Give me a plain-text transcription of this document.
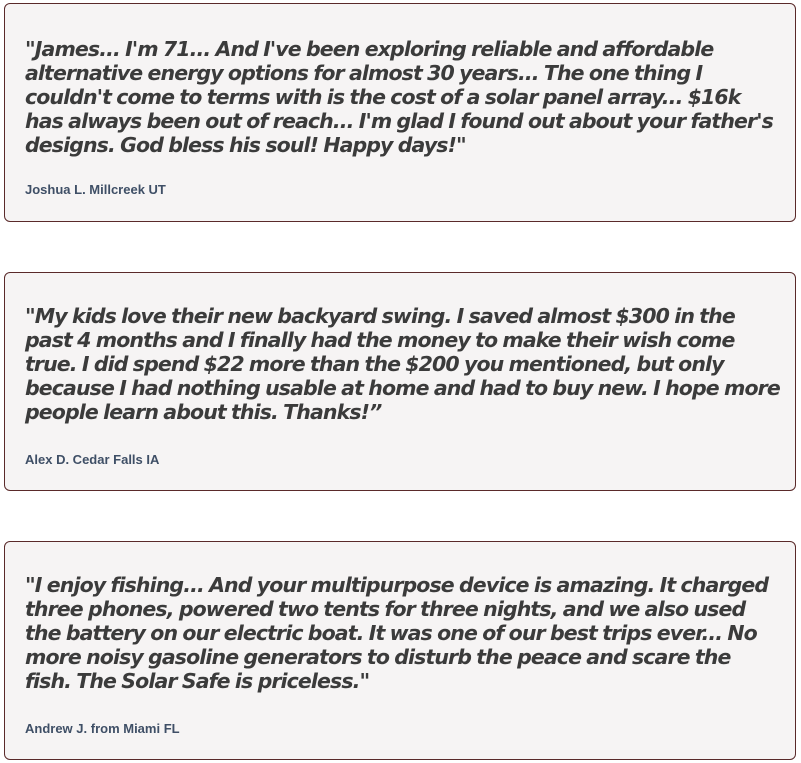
"James... I'm 71... And I've been exploring reliable and affordable alternative energy options for almost 30 years... The one thing I couldn't come to terms with is the cost of a solar panel array... $16k has always been out of reach... I'm glad I found out about your father's designs. God bless his soul! Happy days!"

Joshua L. Millcreek UT

"My kids love their new backyard swing. I saved almost $300 in the past 4 months and I finally had the money to make their wish come true. I did spend $22 more than the $200 you mentioned, but only because I had nothing usable at home and had to buy new. I hope more people learn about this. Thanks!”

Alex D. Cedar Falls IA

"I enjoy fishing... And your multipurpose device is amazing. It charged three phones, powered two tents for three nights, and we also used the battery on our electric boat. It was one of our best trips ever... No more noisy gasoline generators to disturb the peace and scare the fish. The Solar Safe is priceless."

Andrew J. from Miami FL
